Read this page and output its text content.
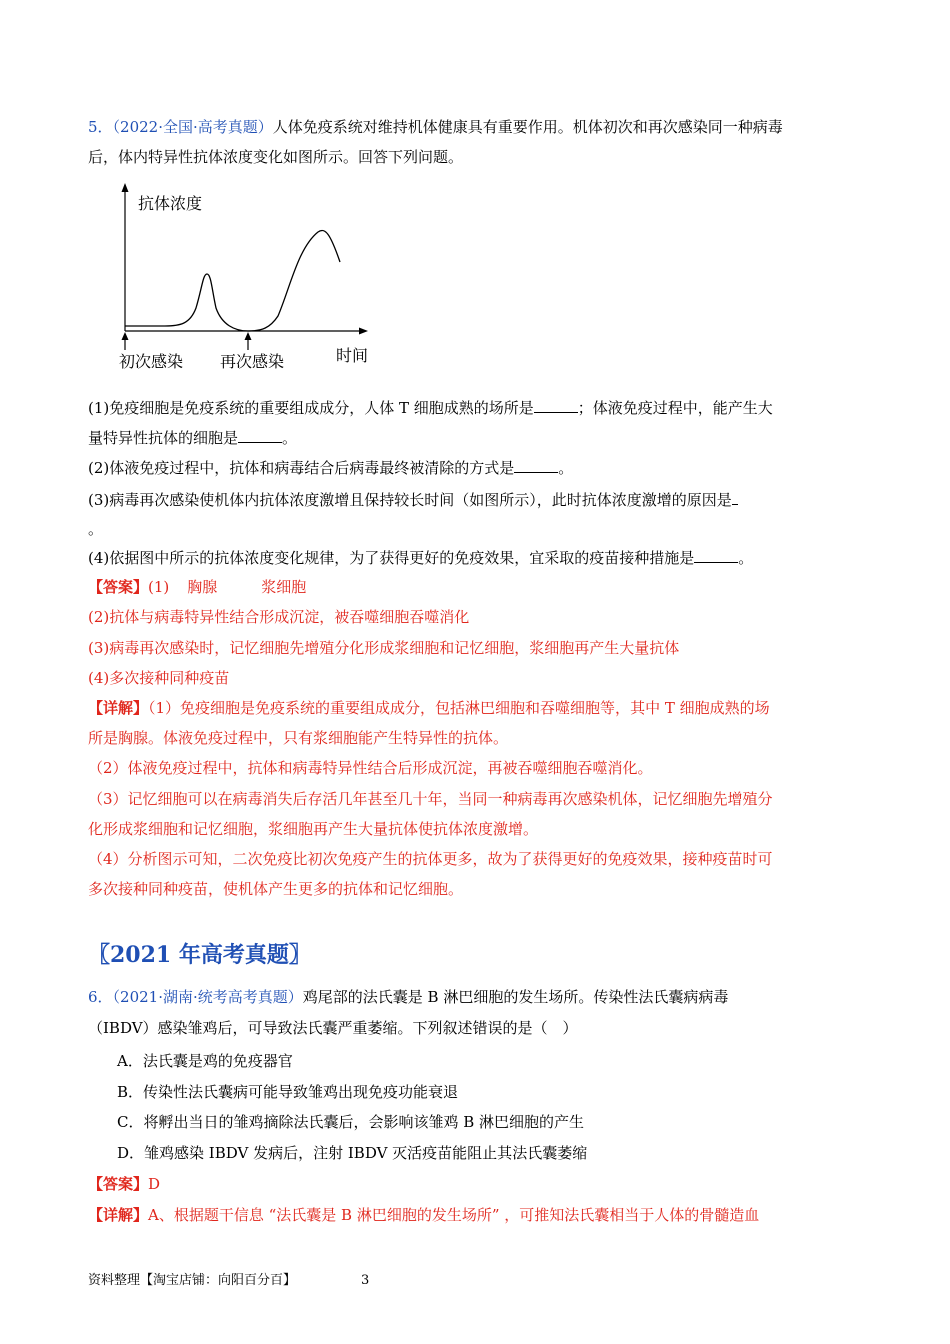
5．（2022·全国·高考真题）人体免疫系统对维持机体健康具有重要作用。机体初次和再次感染同一种病毒
后，体内特异性抗体浓度变化如图所示。回答下列问题。
抗体浓度
时间
初次感染 再次感染
(1)免疫细胞是免疫系统的重要组成成分，人体 T 细胞成熟的场所是	；体液免疫过程中，能产生大
量特异性抗体的细胞是	。
(2)体液免疫过程中，抗体和病毒结合后病毒最终被清除的方式是	。
(3)病毒再次感染使机体内抗体浓度激增且保持较长时间（如图所示），此时抗体浓度激增的原因是
。
(4)依据图中所示的抗体浓度变化规律，为了获得更好的免疫效果，宜采取的疫苗接种措施是	。
【答案】(1) 胸腺	浆细胞
(2)抗体与病毒特异性结合形成沉淀，被吞噬细胞吞噬消化
(3)病毒再次感染时，记忆细胞先增殖分化形成浆细胞和记忆细胞，浆细胞再产生大量抗体
(4)多次接种同种疫苗
【详解】（1）免疫细胞是免疫系统的重要组成成分，包括淋巴细胞和吞噬细胞等，其中 T 细胞成熟的场
所是胸腺。体液免疫过程中，只有浆细胞能产生特异性的抗体。
（2）体液免疫过程中，抗体和病毒特异性结合后形成沉淀，再被吞噬细胞吞噬消化。
（3）记忆细胞可以在病毒消失后存活几年甚至几十年，当同一种病毒再次感染机体，记忆细胞先增殖分
化形成浆细胞和记忆细胞，浆细胞再产生大量抗体使抗体浓度激增。
（4）分析图示可知，二次免疫比初次免疫产生的抗体更多，故为了获得更好的免疫效果，接种疫苗时可
多次接种同种疫苗，使机体产生更多的抗体和记忆细胞。
〖2021 年高考真题〗
6．（2021·湖南·统考高考真题）鸡尾部的法氏囊是 B 淋巴细胞的发生场所。传染性法氏囊病病毒
（IBDV）感染雏鸡后，可导致法氏囊严重萎缩。下列叙述错误的是（　）
A．法氏囊是鸡的免疫器官
B．传染性法氏囊病可能导致雏鸡出现免疫功能衰退
C．将孵出当日的雏鸡摘除法氏囊后，会影响该雏鸡 B 淋巴细胞的产生
D．雏鸡感染 IBDV 发病后，注射 IBDV 灭活疫苗能阻止其法氏囊萎缩
【答案】D
【详解】A、根据题干信息 “法氏囊是 B 淋巴细胞的发生场所” ，可推知法氏囊相当于人体的骨髓造血
资料整理【淘宝店铺：向阳百分百】	3
